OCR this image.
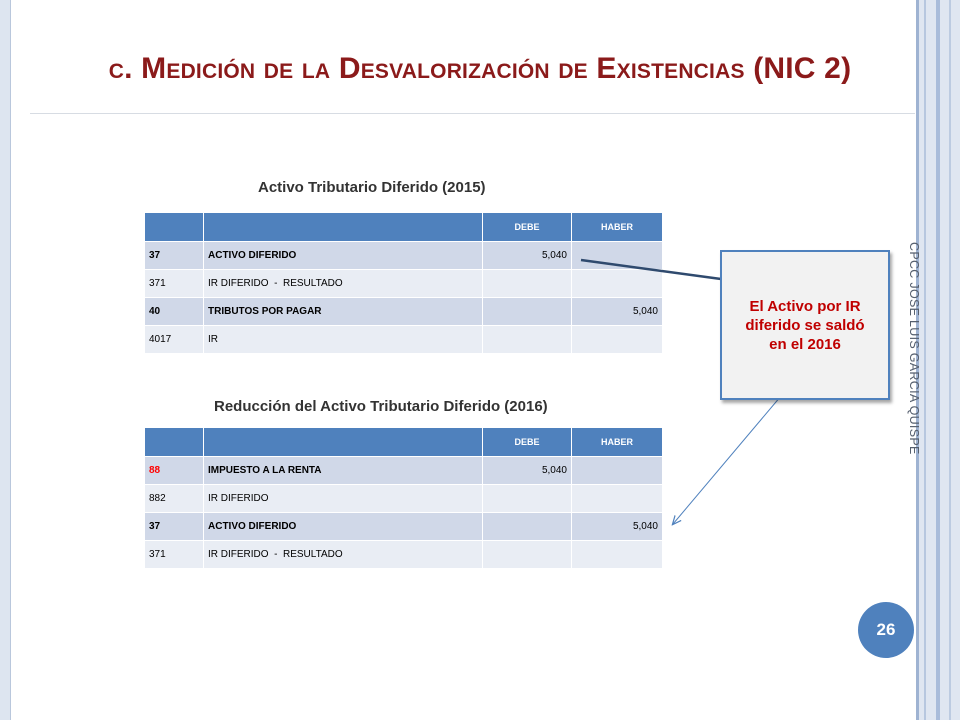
c. Medición de la Desvalorización de Existencias (NIC 2)
Activo Tributario Diferido (2015)
		DEBE	HABER
37	ACTIVO DIFERIDO	5,040	
371	IR DIFERIDO  -  RESULTADO		
40	TRIBUTOS POR PAGAR		5,040
4017	IR		
Reducción del Activo Tributario Diferido (2016)
		DEBE	HABER
88	IMPUESTO A LA RENTA	5,040	
882	IR DIFERIDO		
37	ACTIVO DIFERIDO		5,040
371	IR DIFERIDO  -  RESULTADO		
El Activo por IR diferido se saldó en el 2016	CPCC JOSE LUIS GARCIA QUISPE
26
